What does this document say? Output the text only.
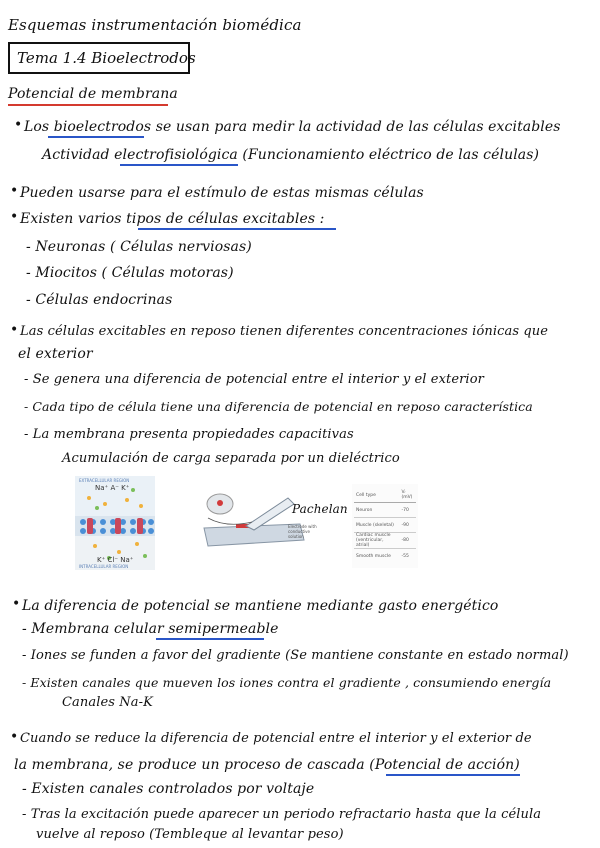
Esquemas instrumentación biomédica
Tema 1.4 Bioelectrodos
Potencial de membrana
• Los bioelectrodos se usan para medir la actividad de las células excitables
Actividad electrofisiológica (Funcionamiento eléctrico de las células)
• Pueden usarse para el estímulo de estas mismas células
• Existen varios tipos de células excitables :
- Neuronas ( Células nerviosas)
- Miocitos ( Células motoras)
- Células endocrinas
• Las células excitables en reposo tienen diferentes concentraciones iónicas que
el exterior
- Se genera una diferencia de potencial entre el interior y el exterior
- Cada tipo de célula tiene una diferencia de potencial en reposo característica
- La membrana presenta propiedades capacitivas
Acumulación de carga separada por un dieléctrico
EXTRACELLULAR REGION
Na⁺ A⁻ K⁺
K⁺ Cl⁻ Na⁺
INTRACELLULAR REGION
Electrode with
conductive
solution
Pachelan
Cell type	Vᵣ (mV)
Neuron	-70
Muscle (skeletal)	-90
Cardiac muscle (ventricular, atrial)	-80
Smooth muscle	-55
• La diferencia de potencial se mantiene mediante gasto energético
- Membrana celular semipermeable
- Iones se funden a favor del gradiente (Se mantiene constante en estado normal)
- Existen canales que mueven los iones contra el gradiente , consumiendo energía
Canales Na-K
• Cuando se reduce la diferencia de potencial entre el interior y el exterior de
la membrana, se produce un proceso de cascada (Potencial de acción)
- Existen canales controlados por voltaje
- Tras la excitación puede aparecer un periodo refractario hasta que la célula
vuelve al reposo (Tembleque al levantar peso)
